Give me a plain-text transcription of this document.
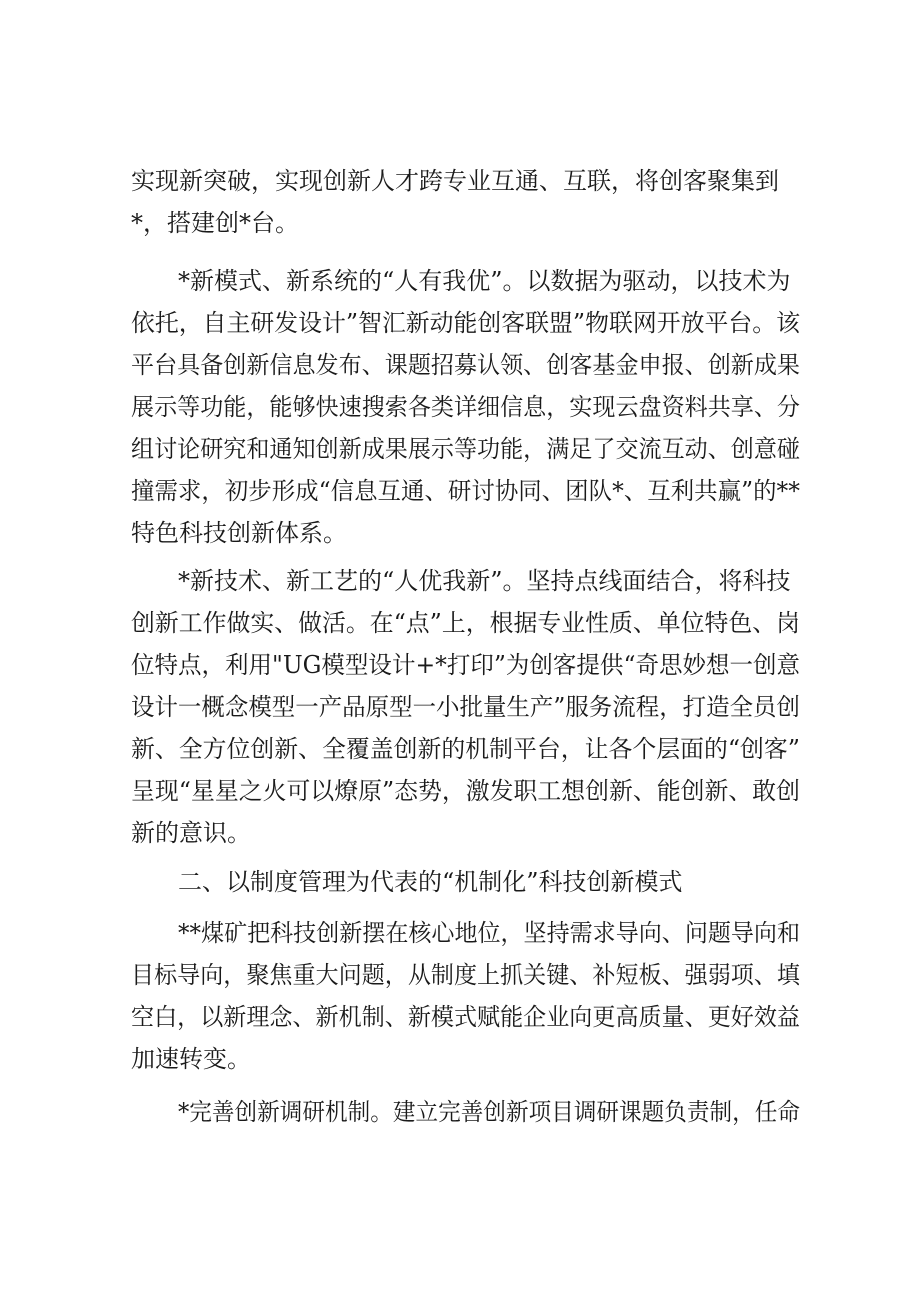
实现新突破，实现创新人才跨专业互通、互联，将创客聚集到
*，搭建创*台。
*新模式、新系统的“人有我优”。以数据为驱动，以技术为
依托，自主研发设计”智汇新动能创客联盟”物联网开放平台。该
平台具备创新信息发布、课题招募认领、创客基金申报、创新成果
展示等功能，能够快速搜索各类详细信息，实现云盘资料共享、分
组讨论研究和通知创新成果展示等功能，满足了交流互动、创意碰
撞需求，初步形成“信息互通、研讨协同、团队*、互利共赢”的**
特色科技创新体系。
*新技术、新工艺的“人优我新”。坚持点线面结合，将科技
创新工作做实、做活。在“点”上，根据专业性质、单位特色、岗
位特点，利用"UG模型设计+*打印”为创客提供“奇思妙想一创意
设计一概念模型一产品原型一小批量生产”服务流程，打造全员创
新、全方位创新、全覆盖创新的机制平台，让各个层面的“创客”
呈现“星星之火可以燎原”态势，激发职工想创新、能创新、敢创
新的意识。
二、以制度管理为代表的“机制化”科技创新模式
**煤矿把科技创新摆在核心地位，坚持需求导向、问题导向和
目标导向，聚焦重大问题，从制度上抓关键、补短板、强弱项、填
空白，以新理念、新机制、新模式赋能企业向更高质量、更好效益
加速转变。
*完善创新调研机制。建立完善创新项目调研课题负责制，任命
